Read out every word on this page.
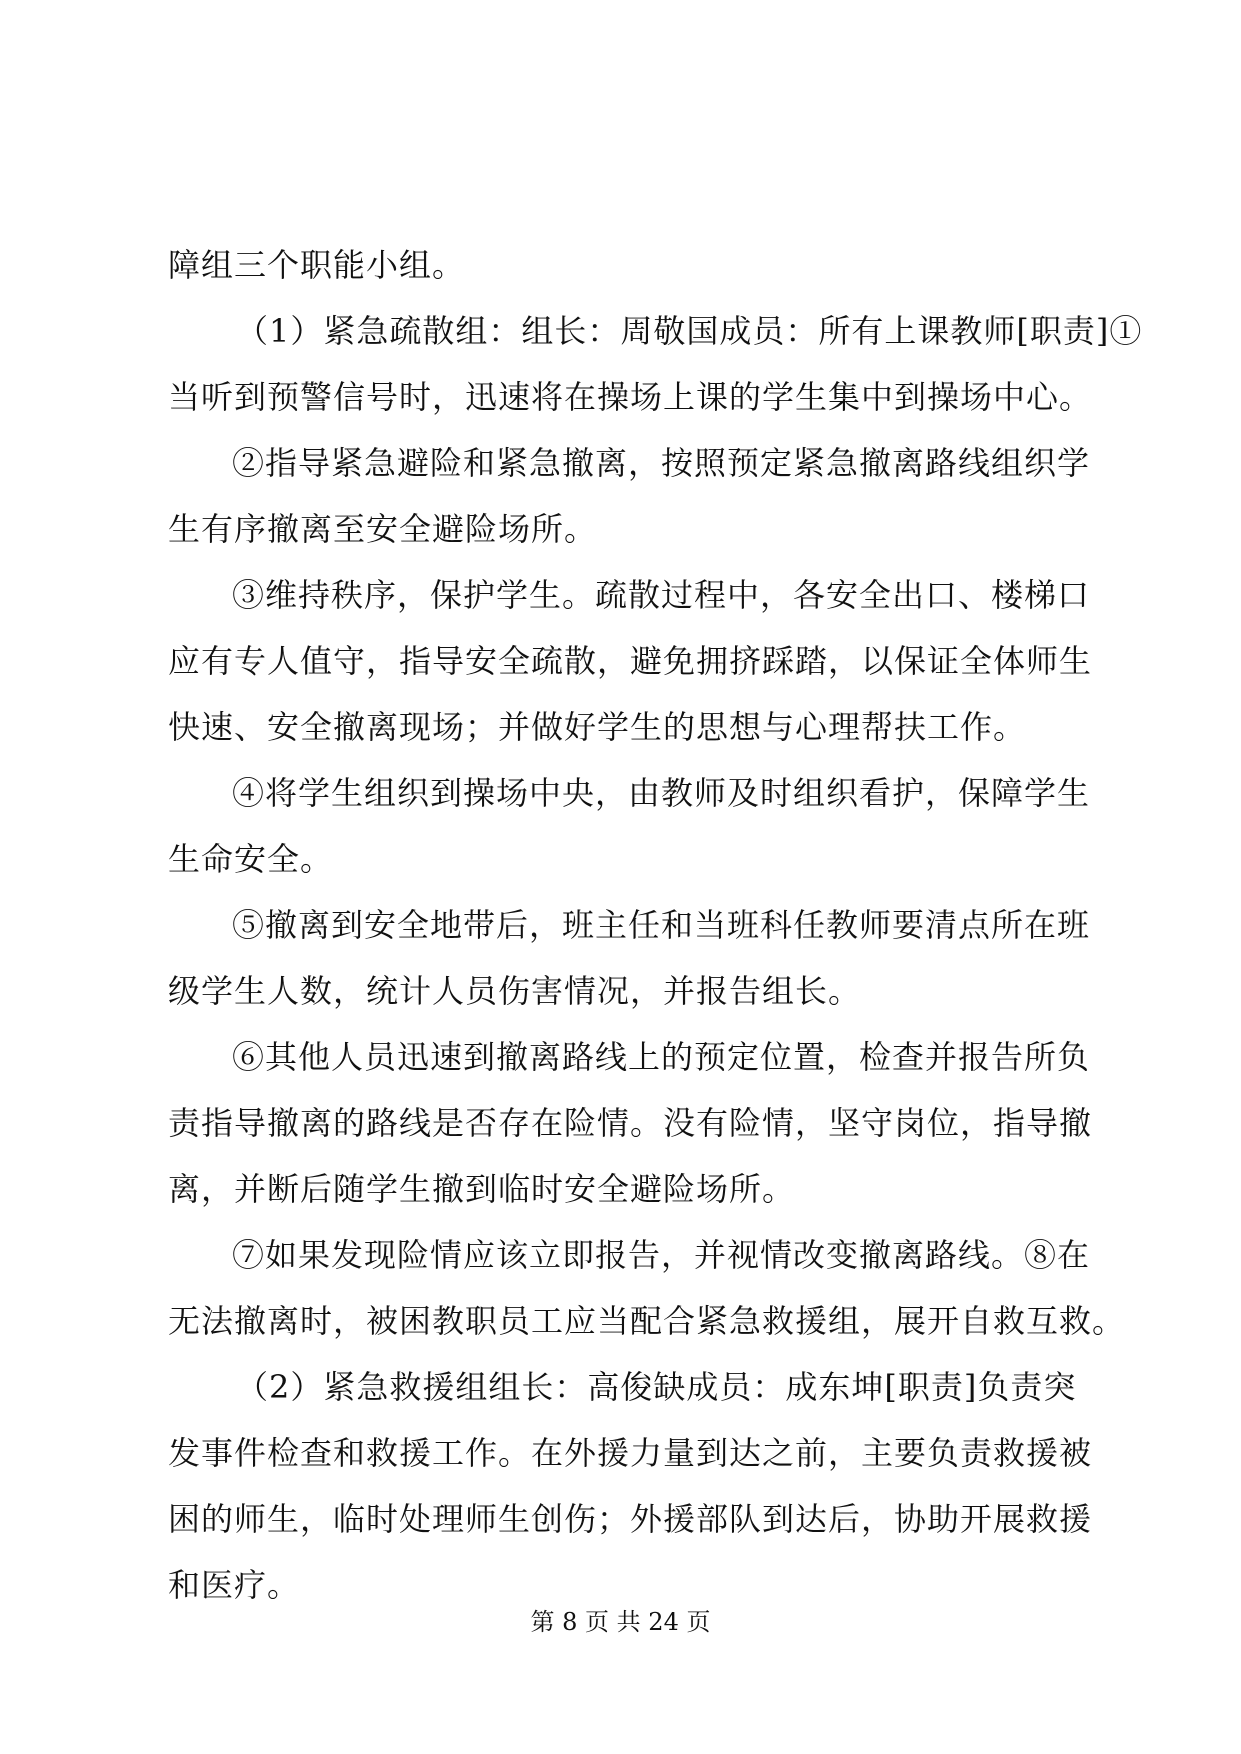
障组三个职能小组。
（1）紧急疏散组：组长：周敬国成员：所有上课教师[职责]①
当听到预警信号时，迅速将在操场上课的学生集中到操场中心。
②指导紧急避险和紧急撤离，按照预定紧急撤离路线组织学
生有序撤离至安全避险场所。
③维持秩序，保护学生。疏散过程中，各安全出口、楼梯口
应有专人值守，指导安全疏散，避免拥挤踩踏，以保证全体师生
快速、安全撤离现场；并做好学生的思想与心理帮扶工作。
④将学生组织到操场中央，由教师及时组织看护，保障学生
生命安全。
⑤撤离到安全地带后，班主任和当班科任教师要清点所在班
级学生人数，统计人员伤害情况，并报告组长。
⑥其他人员迅速到撤离路线上的预定位置，检查并报告所负
责指导撤离的路线是否存在险情。没有险情，坚守岗位，指导撤
离，并断后随学生撤到临时安全避险场所。
⑦如果发现险情应该立即报告，并视情改变撤离路线。⑧在
无法撤离时，被困教职员工应当配合紧急救援组，展开自救互救。
（2）紧急救援组组长：高俊缺成员：成东坤[职责]负责突
发事件检查和救援工作。在外援力量到达之前，主要负责救援被
困的师生，临时处理师生创伤；外援部队到达后，协助开展救援
和医疗。
第 8 页 共 24 页
